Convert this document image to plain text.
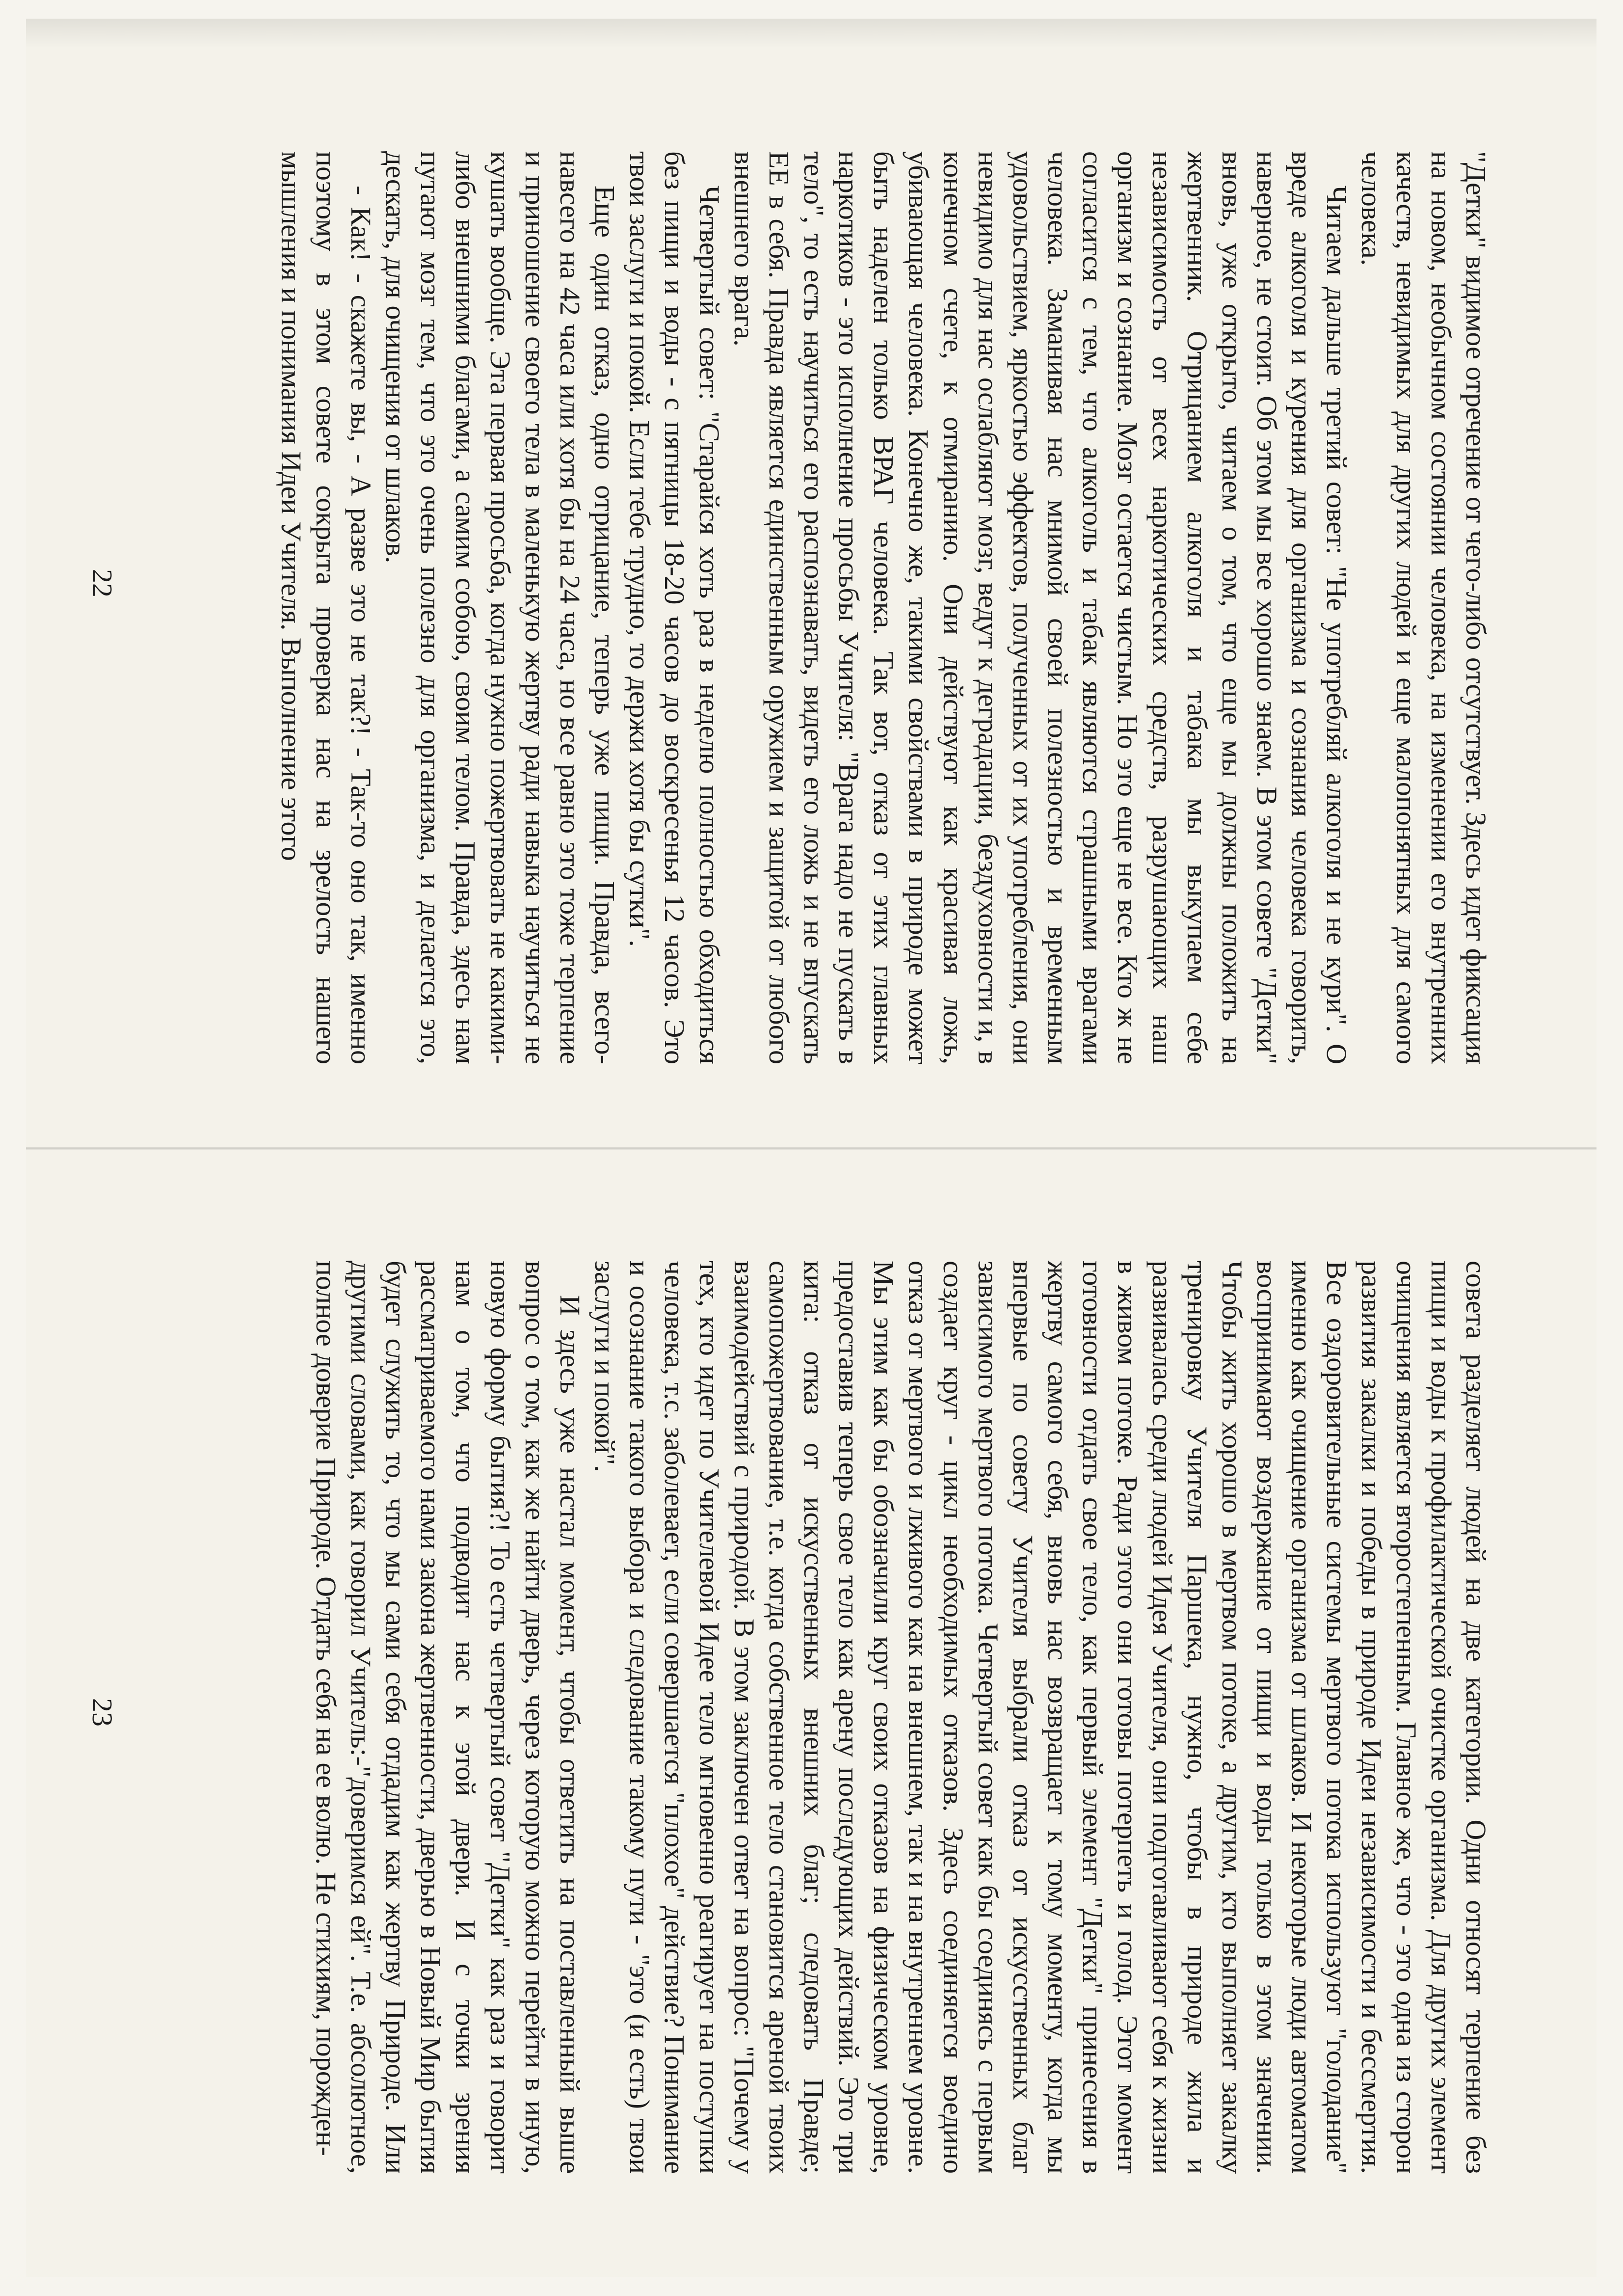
"Детки" видимое отречение от чего-либо отсутствует. Здесь идет фиксация на новом, необычном состоянии человека, на изменении его внутренних качеств, невидимых для других людей и еще малопонятных для самого человека.

Читаем дальше третий совет: "Не употребляй алкоголя и не кури". О вреде алкоголя и курения для организма и сознания человека говорить, наверное, не стоит. Об этом мы все хорошо знаем. В этом совете "Детки" вновь, уже открыто, читаем о том, что еще мы должны положить на жертвенник. Отрицанием алкоголя и табака мы выкупаем себе независимость от всех наркотических средств, разрушающих наш организм и сознание. Мозг остается чистым. Но это еще не все. Кто ж не согласится с тем, что алкоголь и табак являются страшными врагами человека. Заманивая нас мнимой своей полезностью и временным удовольствием, яркостью эффектов, полученных от их употребления, они невидимо для нас ослабляют мозг, ведут к деградации, бездуховности и, в конечном счете, к отмиранию. Они действуют как красивая ложь, убивающая человека. Конечно же, такими свойствами в природе может быть наделен только ВРАГ человека. Так вот, отказ от этих главных наркотиков - это исполнение просьбы Учителя: "Врага надо не пускать в тело", то есть научиться его распознавать, видеть его ложь и не впускать ЕЕ в себя. Правда является единственным оружием и защитой от любого внешнего врага.

Четвертый совет: "Старайся хоть раз в неделю полностью обходиться без пищи и воды - с пятницы 18-20 часов до воскресенья 12 часов. Это твои заслуги и покой. Если тебе трудно, то держи хотя бы сутки".

Еще один отказ, одно отрицание, теперь уже пищи. Правда, всего-навсего на 42 часа или хотя бы на 24 часа, но все равно это тоже терпение и приношение своего тела в маленькую жертву ради навыка научиться не кушать вообще. Эта первая просьба, когда нужно пожертвовать не какими-либо внешними благами, а самим собою, своим телом. Правда, здесь нам путают мозг тем, что это очень полезно для организма, и делается это, дескать, для очищения от шлаков.

- Как! - скажете вы, - А разве это не так?! - Так-то оно так, именно поэтому в этом совете сокрыта проверка нас на зрелость нашего мышления и понимания Идеи Учителя. Выполнение этого

22

совета разделяет людей на две категории. Одни относят терпение без пищи и воды к профилактической очистке организма. Для других элемент очищения является второстепенным. Главное же, что - это одна из сторон развития закалки и победы в природе Идеи независимости и бессмертия. Все оздоровительные системы мертвого потока используют "голодание" именно как очищение организма от шлаков. И некоторые люди автоматом воспринимают воздержание от пищи и воды только в этом значении. Чтобы жить хорошо в мертвом потоке, а другим, кто выполняет закалку тренировку Учителя Паршека, нужно, чтобы в природе жила и развивалась среди людей Идея Учителя, они подготавливают себя к жизни в живом потоке. Ради этого они готовы потерпеть и голод. Этот момент готовности отдать свое тело, как первый элемент "Детки" принесения в жертву самого себя, вновь нас возвращает к тому моменту, когда мы впервые по совету Учителя выбрали отказ от искусственных благ зависимого мертвого потока. Четвертый совет как бы соединясь с первым создает круг - цикл необходимых отказов. Здесь соединяется воедино отказ от мертвого и лживого как на внешнем, так и на внутреннем уровне. Мы этим как бы обозначили круг своих отказов на физическом уровне, предоставив теперь свое тело как арену последующих действий. Это три кита: отказ от искусственных внешних благ; следовать Правде; самопожертвование, т.е. когда собственное тело становится ареной твоих взаимодействий с природой. В этом заключен ответ на вопрос: "Почему у тех, кто идет по Учителевой Идее тело мгновенно реагирует на поступки человека, т.с. заболевает, если совершается "плохое" действие? Понимание и осознание такого выбора и следование такому пути - "это (и есть) твои заслуги и покой".

И здесь уже настал момент, чтобы ответить на поставленный выше вопрос о том, как же найти дверь, через которую можно перейти в иную, новую форму бытия?! То есть четвертый совет "Детки" как раз и говорит нам о том, что подводит нас к этой двери. И с точки зрения рассматриваемого нами закона жертвенности, дверью в Новый Мир бытия будет служить то, что мы сами себя отдадим как жертву Природе. Или другими словами, как говорил Учитель:-"доверимся ей". Т.е. абсолютное, полное доверие Природе. Отдать себя на ее волю. Не стихиям, порожден-

23
